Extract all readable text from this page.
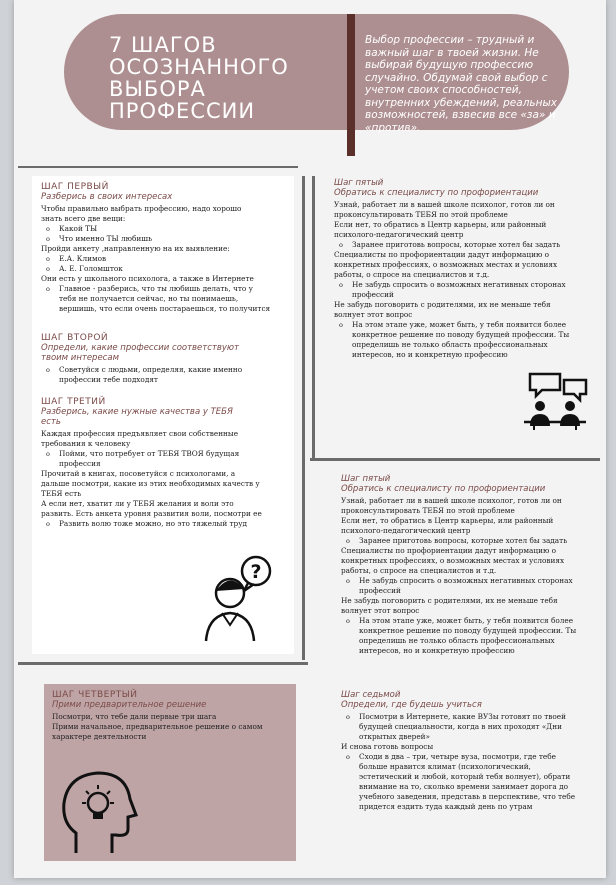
7 ШАГОВ ОСОЗНАННОГО ВЫБОРА ПРОФЕССИИ
Выбор профессии – трудный и важный шаг в твоей жизни. Не выбирай будущую профессию случайно. Обдумай свой выбор с учетом своих способностей, внутренних убеждений, реальных возможностей, взвесив все «за» и «против».

ШАГ ПЕРВЫЙ

Разберись в своих интересах

Чтобы правильно выбрать профессию, надо хорошо

знать всего две вещи:

o Какой ТЫ

o Что именно ТЫ любишь

Пройди анкету ,направленную на их выявление:

o Е.А. Климов

o А. Е. Голомшток

Они есть у школьного психолога, а также в Интернете

o Главное - разберись, что ты любишь делать, что у

тебя не получается сейчас, но ты понимаешь,

вершишь, что если очень постараешься, то получится

ШАГ ВТОРОЙ

Определи, какие профессии соответствуют

твоим интересам

o Советуйся с людьми, определяя, какие именно

профессии тебе подходят

ШАГ ТРЕТИЙ

Разберись, какие нужные качества у ТЕБЯ

есть

Каждая профессия предъявляет свои собственные

требования к человеку

o Пойми, что потребует от ТЕБЯ ТВОЯ будущая

профессия

Прочитай в книгах, посоветуйся с психологами, а

дальше посмотри, какие из этих необходимых качеств у

ТЕБЯ есть

А если нет, хватит ли у ТЕБЯ желания и воли это

развить. Есть анкета уровня развития воли, посмотри ее

o Развить волю тоже можно, но это тяжелый труд

?

ШАГ ЧЕТВЕРТЫЙ

Прими предварительное решение

Посмотри, что тебе дали первые три шага

Прими начальное, предварительное решение о самом

характере деятельности

Шаг пятый

Обратись к специалисту по профориентации

Узнай, работает ли в вашей школе психолог, готов ли он

проконсультировать ТЕБЯ по этой проблеме

Если нет, то обратись в Центр карьеры, или районный

психолого-педагогический центр

o Заранее приготовь вопросы, которые хотел бы задать

Специалисты по профориентации дадут информацию о

конкретных профессиях, о возможных местах и условиях

работы, о спросе на специалистов и т.д.

o Не забудь спросить о возможных негативных сторонах

профессий

Не забудь поговорить с родителями, их не меньше тебя

волнует этот вопрос

o На этом этапе уже, может быть, у тебя появится более

конкретное решение по поводу будущей профессии. Ты

определишь не только область профессиональных

интересов, но и конкретную профессию

Шаг пятый

Обратись к специалисту по профориентации

Узнай, работает ли в вашей школе психолог, готов ли он

проконсультировать ТЕБЯ по этой проблеме

Если нет, то обратись в Центр карьеры, или районный

психолого-педагогический центр

o Заранее приготовь вопросы, которые хотел бы задать

Специалисты по профориентации дадут информацию о

конкретных профессиях, о возможных местах и условиях

работы, о спросе на специалистов и т.д.

o Не забудь спросить о возможных негативных сторонах

профессий

Не забудь поговорить с родителями, их не меньше тебя

волнует этот вопрос

o На этом этапе уже, может быть, у тебя появится более

конкретное решение по поводу будущей профессии. Ты

определишь не только область профессиональных

интересов, но и конкретную профессию

Шаг седьмой

Определи, где будешь учиться

o Посмотри в Интернете, какие ВУЗы готовят по твоей

будущей специальности, когда в них проходят «Дни

открытых дверей»

И снова готовь вопросы

o Сходи в два – три, четыре вуза, посмотри, где тебе

больше нравится климат (психологический,

эстетический и любой, который тебя волнует), обрати

внимание на то, сколько времени занимает дорога до

учебного заведения, представь в перспективе, что тебе

придется ездить туда каждый день по утрам
